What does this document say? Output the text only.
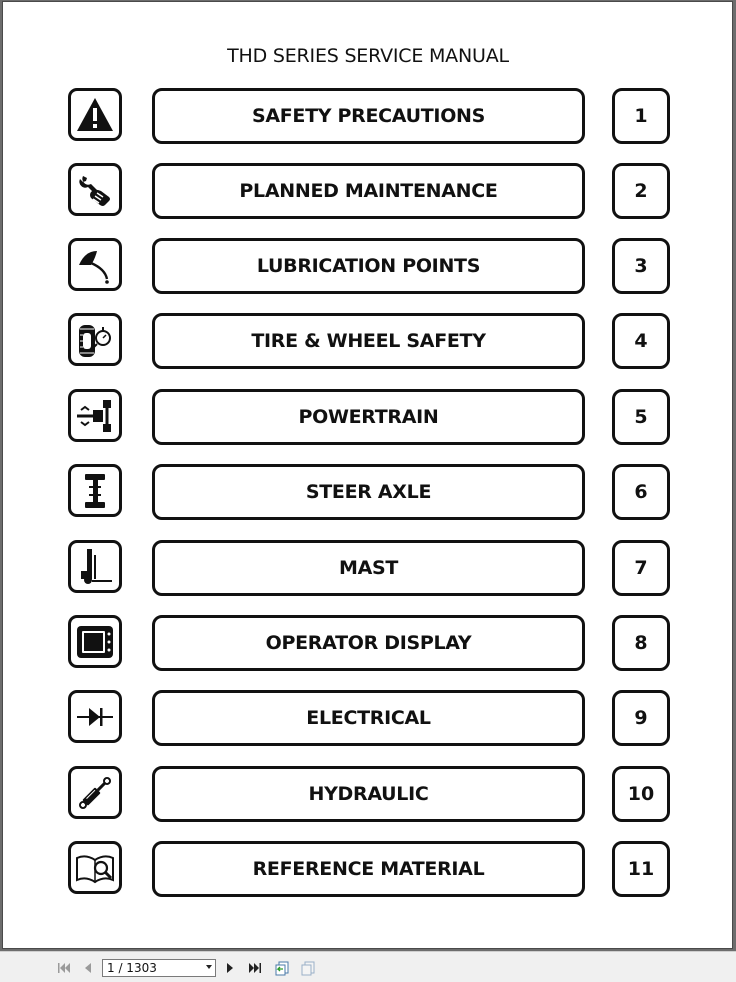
THD SERIES SERVICE MANUAL
SAFETY PRECAUTIONS	1
PLANNED MAINTENANCE	2
LUBRICATION POINTS	3
TIRE & WHEEL SAFETY	4
POWERTRAIN	5
STEER AXLE	6
MAST	7
OPERATOR DISPLAY	8
ELECTRICAL	9
HYDRAULIC	10
REFERENCE MATERIAL	11
1 / 1303
